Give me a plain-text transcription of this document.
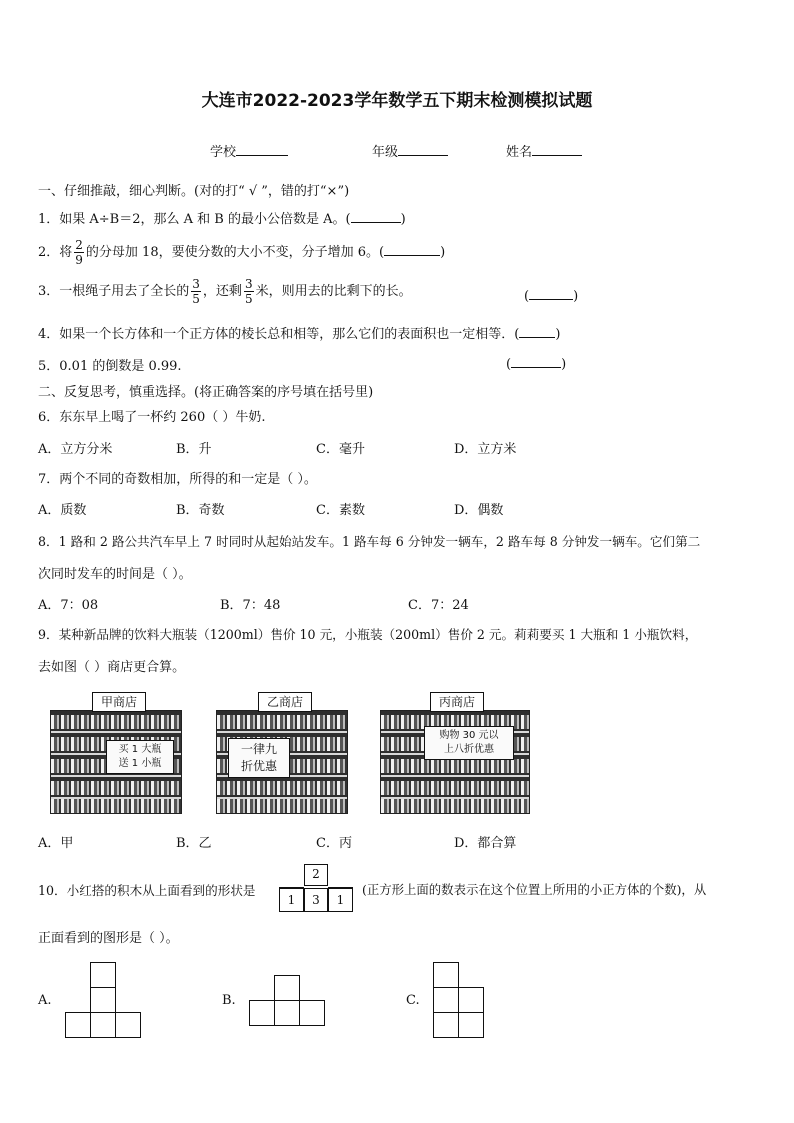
大连市2022-2023学年数学五下期末检测模拟试题
学校	年级	姓名
一、仔细推敲，细心判断。(对的打“ √ ”，错的打“×”)
1．如果 A÷B＝2，那么 A 和 B 的最小公倍数是 A。(	)
2．将 $\frac{2}{9}$ 的分母加 18，要使分数的大小不变，分子增加 6。(	)
3．一根绳子用去了全长的 $\frac{3}{5}$ ，还剩 $\frac{3}{5}$ 米，则用去的比剩下的长。	(	)
4．如果一个长方体和一个正方体的棱长总和相等，那么它们的表面积也一定相等．(	)
5．0.01 的倒数是 0.99.	(	)
二、反复思考，慎重选择。(将正确答案的序号填在括号里)
6．东东早上喝了一杯约 260（ ）牛奶.
A．立方分米	B．升	C．毫升	D．立方米
7．两个不同的奇数相加，所得的和一定是（ ）。
A．质数	B．奇数	C．素数	D．偶数
8．1 路和 2 路公共汽车早上 7 时同时从起始站发车。1 路车每 6 分钟发一辆车，2 路车每 8 分钟发一辆车。它们第二
次同时发车的时间是（ ）。
A．7：08	B．7：48	C．7：24
9．某种新品牌的饮料大瓶装（1200ml）售价 10 元，小瓶装（200ml）售价 2 元。莉莉要买 1 大瓶和 1 小瓶饮料，
去如图（ ）商店更合算。
甲商店
买 1 大瓶
送 1 小瓶
乙商店
一律九
折优惠
丙商店
购物 30 元以
上八折优惠
A．甲	B．乙	C．丙	D．都合算
10．小红搭的积木从上面看到的形状是
2
1	3	1
(正方形上面的数表示在这个位置上所用的小正方体的个数)，从
正面看到的图形是（ ）。
A.	B.	C.
